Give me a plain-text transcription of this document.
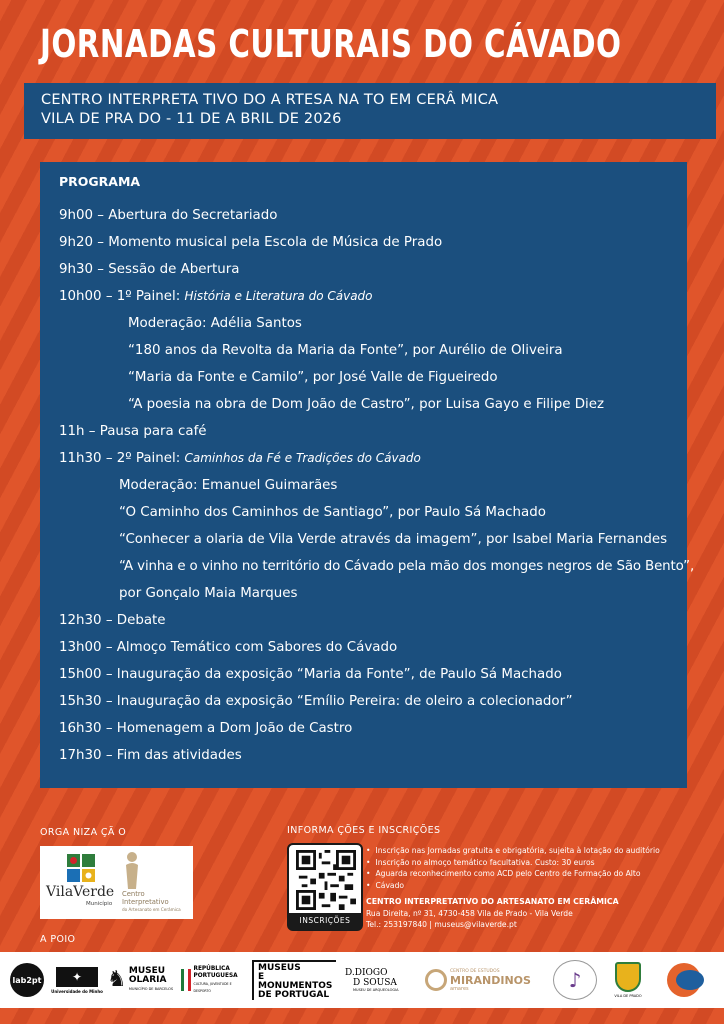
JORNADAS CULTURAIS DO CÁVADO
CENTRO INTERPRETA TIVO DO A RTESA NA TO EM CERÂ MICA
VILA DE PRA DO - 11 DE A BRIL DE 2026
PROGRAMA
9h00 – Abertura do Secretariado
9h20 – Momento musical pela Escola de Música de Prado
9h30 – Sessão de Abertura
10h00 – 1º Painel: História e Literatura do Cávado
Moderação: Adélia Santos
“180 anos da Revolta da Maria da Fonte”, por Aurélio de Oliveira
“Maria da Fonte e Camilo”, por José Valle de Figueiredo
“A poesia na obra de Dom João de Castro”, por Luisa Gayo e Filipe Diez
11h – Pausa para café
11h30 – 2º Painel: Caminhos da Fé e Tradições do Cávado
Moderação: Emanuel Guimarães
“O Caminho dos Caminhos de Santiago”, por Paulo Sá Machado
“Conhecer a olaria de Vila Verde através da imagem”, por Isabel Maria Fernandes
“A vinha e o vinho no território do Cávado pela mão dos monges negros de São Bento”,
por Gonçalo Maia Marques
12h30 – Debate
13h00 – Almoço Temático com Sabores do Cávado
15h00 – Inauguração da exposição “Maria da Fonte”, de Paulo Sá Machado
15h30 – Inauguração da exposição “Emílio Pereira: de oleiro a colecionador”
16h30 – Homenagem a Dom João de Castro
17h30 – Fim das atividades
ORGA NIZA ÇÃ O
VilaVerde
Município
Centro Interpretativo
do Artesanato em Cerâmica
INFORMA ÇÕES E INSCRIÇÕES
INSCRIÇÕES
• Inscrição nas Jornadas gratuita e obrigatória, sujeita à lotação do auditório
• Inscrição no almoço temático facultativa. Custo: 30 euros
• Aguarda reconhecimento como ACD pelo Centro de Formação do Alto
• Cávado
CENTRO INTERPRETATIVO DO ARTESANATO EM CERÂMICA
Rua Direita, nº 31, 4730-458 Vila de Prado - Vila Verde
Tel.: 253197840 | museus@vilaverde.pt
A POIO
lab2pt	✦
Universidade do Minho ♞ MUSEU
OLARIA
MUNICÍPIO DE BARCELOS
REPÚBLICA
PORTUGUESA
CULTURA, JUVENTUDE E DESPORTO
MUSEUS
E MONUMENTOS
DE PORTUGAL
D.DIOGO
D SOUSA
MUSEU DE ARQUEOLOGIA
CENTRO DE ESTUDOS
MIRANDINOS
amares	♪
VILA DE PRADO
